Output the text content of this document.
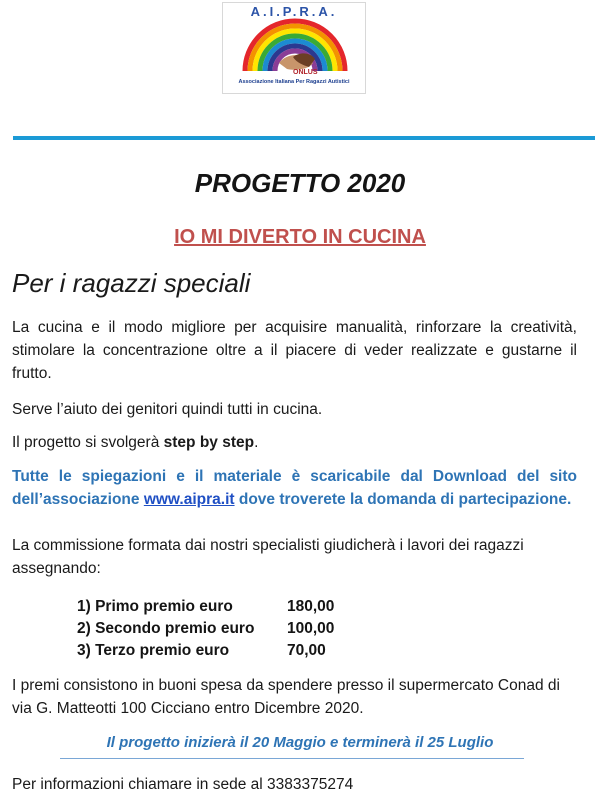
A.I.P.R.A.
ONLUS
Associazione Italiana Per Ragazzi Autistici
PROGETTO 2020
IO MI DIVERTO IN CUCINA
Per i ragazzi speciali

La cucina e il modo migliore per acquisire manualità, rinforzare la creatività, stimolare la concentrazione oltre a il piacere di veder realizzate e gustarne il frutto.

Serve l’aiuto dei genitori quindi tutti in cucina.

Il progetto si svolgerà step by step.

Tutte le spiegazioni e il materiale è scaricabile dal Download del sito dell’associazione www.aipra.it dove troverete la domanda di partecipazione.

La commissione formata dai nostri specialisti giudicherà i lavori dei ragazzi assegnando:

1) Primo premio euro	180,00
2) Secondo premio euro 100,00
3) Terzo premio euro	70,00

I premi consistono in buoni spesa da spendere presso il supermercato Conad di via G. Matteotti 100 Cicciano entro Dicembre 2020.

Il progetto inizierà il 20 Maggio e terminerà il 25 Luglio
Per informazioni chiamare in sede al 3383375274
